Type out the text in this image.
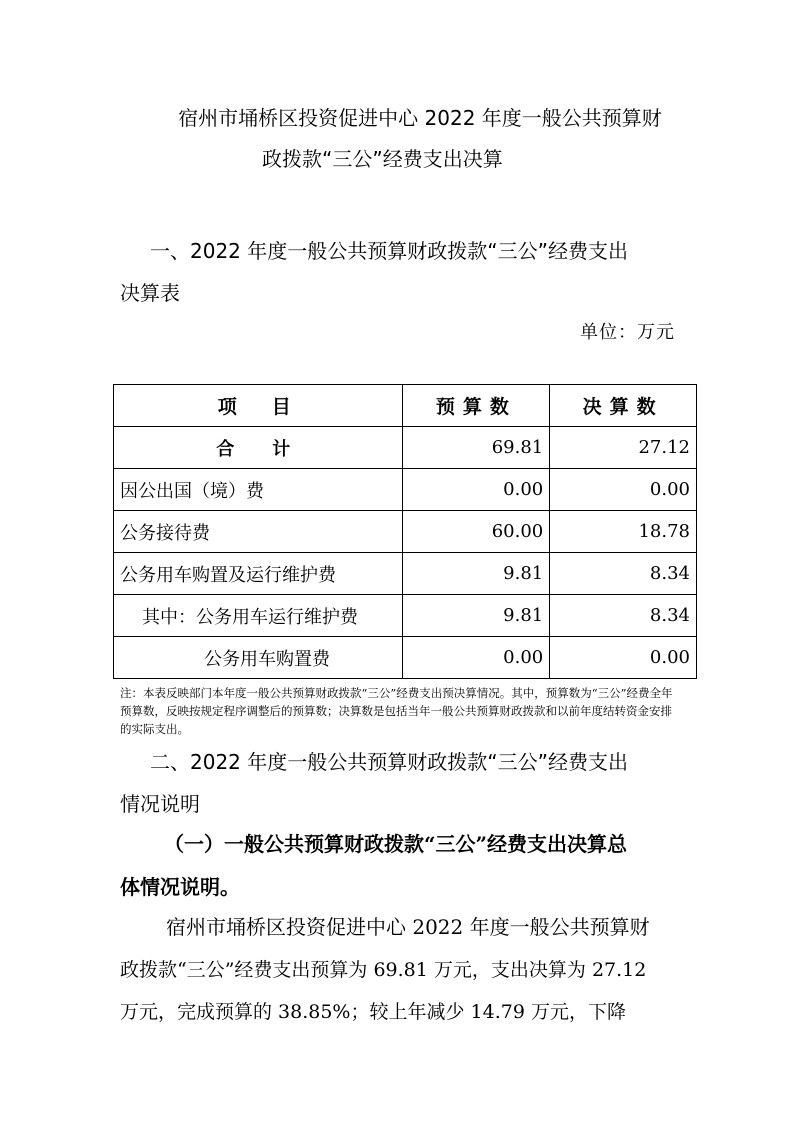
宿州市埇桥区投资促进中心 2022 年度一般公共预算财
政拨款“三公”经费支出决算
一、2022 年度一般公共预算财政拨款“三公”经费支出
决算表
单位：万元
项　目	预算数	决算数
合　计	69.81	27.12
因公出国（境）费	0.00	0.00
公务接待费	60.00	18.78
公务用车购置及运行维护费	9.81	8.34
其中：公务用车运行维护费	9.81	8.34
公务用车购置费	0.00	0.00
注：本表反映部门本年度一般公共预算财政拨款“三公”经费支出预决算情况。其中，预算数为“三公”经费全年预算数，反映按规定程序调整后的预算数；决算数是包括当年一般公共预算财政拨款和以前年度结转资金安排的实际支出。
二、2022 年度一般公共预算财政拨款“三公”经费支出
情况说明
（一）一般公共预算财政拨款“三公”经费支出决算总
体情况说明。
宿州市埇桥区投资促进中心 2022 年度一般公共预算财
政拨款“三公”经费支出预算为 69.81 万元，支出决算为 27.12
万元，完成预算的 38.85%；较上年减少 14.79 万元，下降
